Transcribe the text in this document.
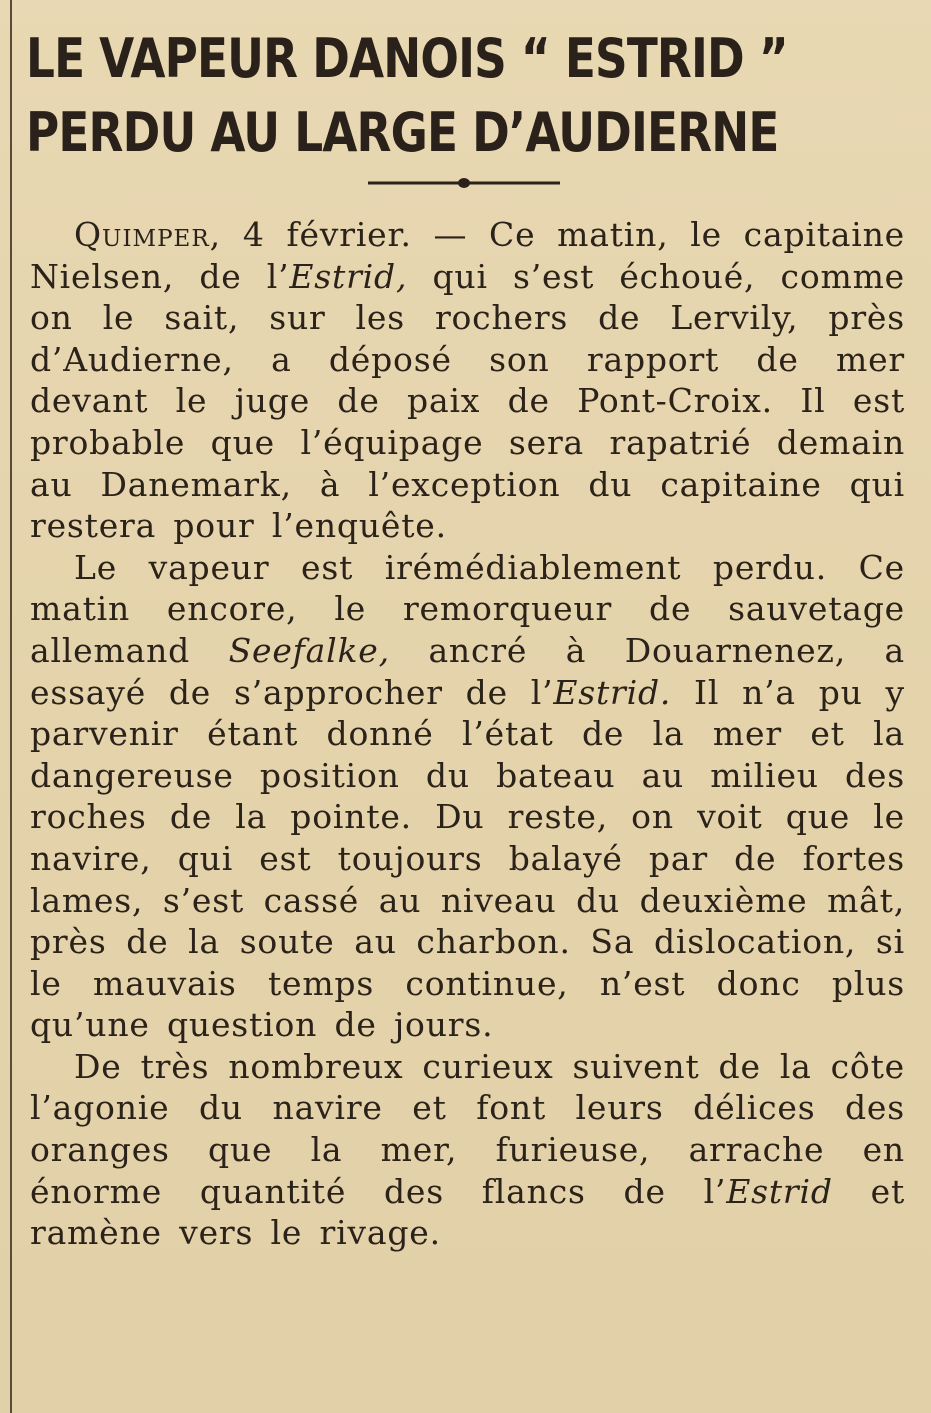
LE VAPEUR DANOIS “ ESTRID ”
PERDU AU LARGE D’AUDIERNE

Quimper, 4 février. — Ce matin, le capitaine Nielsen, de l’Estrid, qui s’est échoué, comme on le sait, sur les rochers de Lervily, près d’Audierne, a déposé son rapport de mer devant le juge de paix de Pont-Croix. Il est probable que l’équipage sera rapatrié demain au Danemark, à l’exception du capitaine qui restera pour l’enquête.

Le vapeur est irémédiablement perdu. Ce matin encore, le remorqueur de sauvetage allemand Seefalke, ancré à Douarnenez, a essayé de s’approcher de l’Estrid. Il n’a pu y parvenir étant donné l’état de la mer et la dangereuse position du bateau au milieu des roches de la pointe. Du reste, on voit que le navire, qui est toujours balayé par de fortes lames, s’est cassé au niveau du deuxième mât, près de la soute au charbon. Sa dislocation, si le mauvais temps continue, n’est donc plus qu’une question de jours.

De très nombreux curieux suivent de la côte l’agonie du navire et font leurs délices des oranges que la mer, furieuse, arrache en énorme quantité des flancs de l’Estrid et ramène vers le rivage.
